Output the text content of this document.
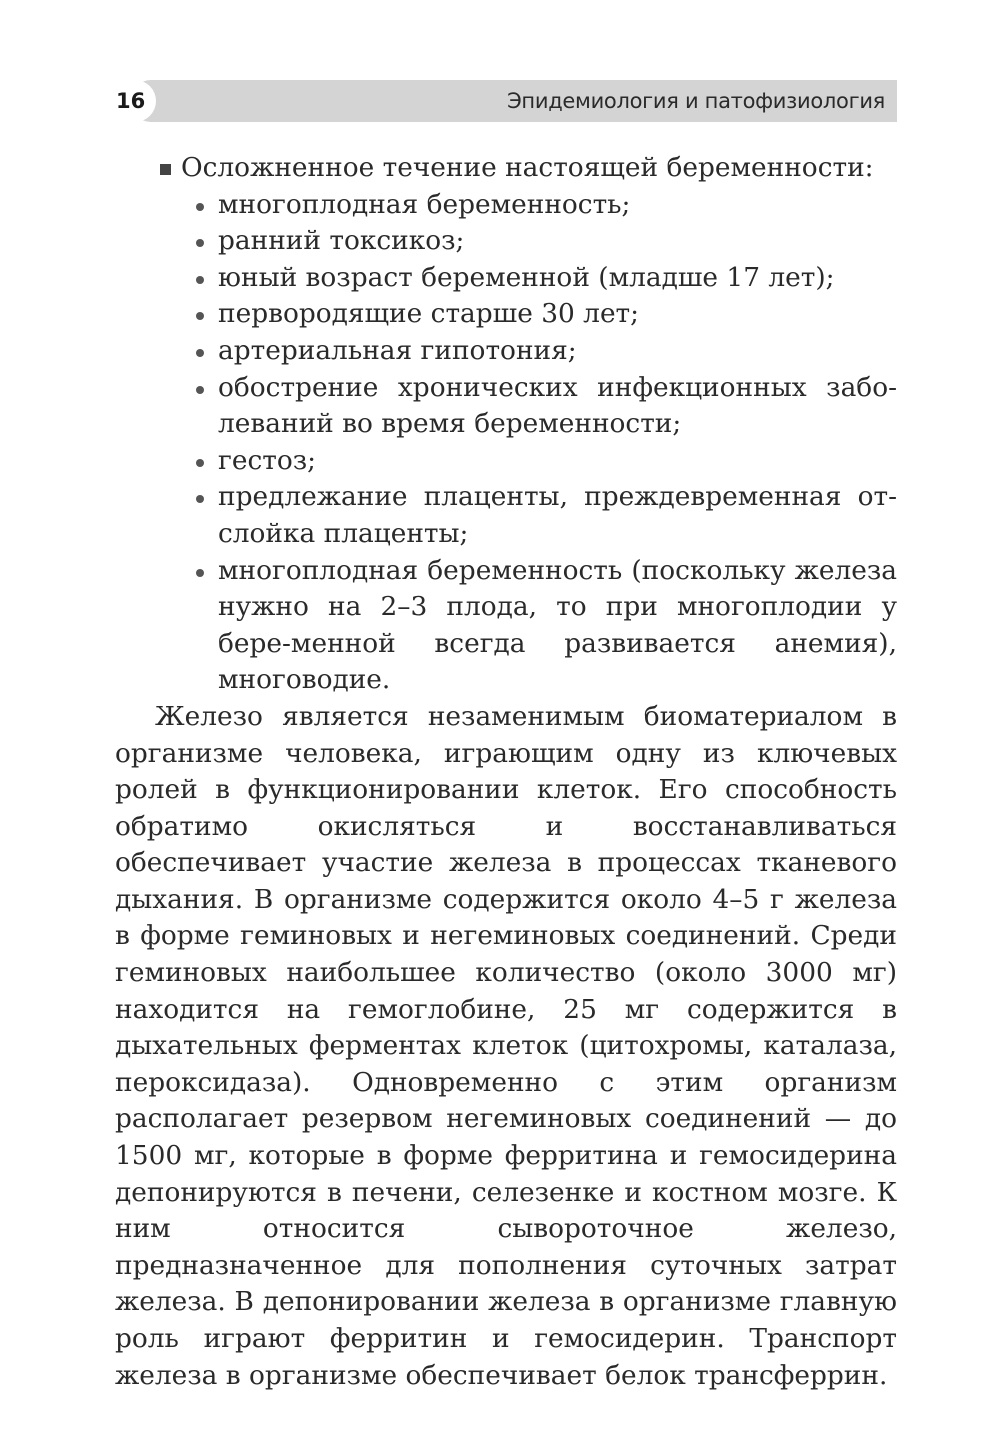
16	Эпидемиология и патофизиология
Осложненное течение настоящей беременности:
многоплодная беременность;
ранний токсикоз;
юный возраст беременной (младше 17 лет);
первородящие старше 30 лет;
артериальная гипотония;
обострение хронических инфекционных забо-леваний во время беременности;
гестоз;
предлежание плаценты, преждевременная от-слойка плаценты;
многоплодная беременность (поскольку железа нужно на 2–3 плода, то при многоплодии у бере-менной всегда развивается анемия), многоводие.

Железо является незаменимым биоматериалом в организме человека, играющим одну из ключевых ролей в функционировании клеток. Его способность обратимо окисляться и восстанавливаться обеспечивает участие железа в процессах тканевого дыхания. В организме содержится около 4–5 г железа в форме геминовых и негеминовых соединений. Среди геминовых наибольшее количество (около 3000 мг) находится на гемоглобине, 25 мг содержится в дыхательных ферментах клеток (цитохромы, каталаза, пероксидаза). Одновременно с этим организм располагает резервом негеминовых соединений — до 1500 мг, которые в форме ферритина и гемосидерина депонируются в печени, селезенке и костном мозге. К ним относится сывороточное железо, предназначенное для пополнения суточных затрат железа. В депонировании железа в организме главную роль играют ферритин и гемосидерин. Транспорт железа в организме обеспечивает белок трансферрин.
